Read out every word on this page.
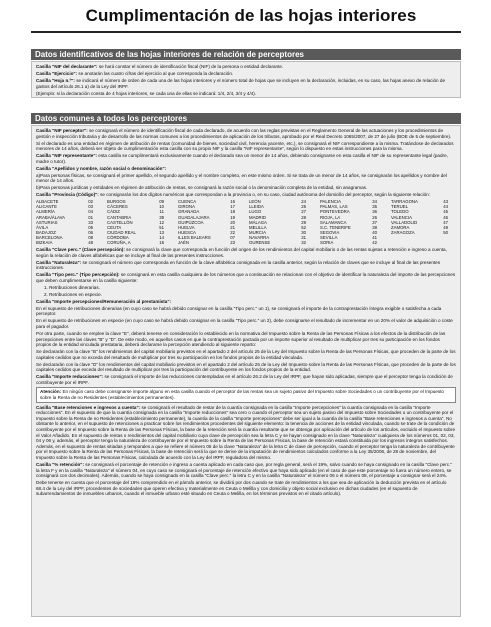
Cumplimentación de las hojas interiores
Datos identificativos de las hojas interiores de relación de perceptores

Casilla "NIF del declarante": se hará constar el número de identificación fiscal (NIF) de la persona o entidad declarante.

Casilla "Ejercicio": se anotarán las cuatro cifras del ejercicio al que corresponda la declaración.

Casilla "Hoja n.º": se indicará el número de orden de cada una de las hojas interiores y el número total de hojas que se incluyen en la declaración, incluidas, en su caso, las hojas anexo de relación de gastos del artículo 26.1 a) de la Ley del IRPF.

(Ejemplo: si la declaración consta de 4 hojas interiores, se cada una de ellas se indicará: 1/4, 2/4, 3/4 y 4/4).

Datos comunes a todos los perceptores

Casilla "NIF perceptor": se consignará el número de identificación fiscal de cada declarado, de acuerdo con las reglas previstas en el Reglamento General de las actuaciones y los procedimientos de gestión e inspección tributaria y de desarrollo de las normas comunes a los procedimientos de aplicación de los tributos, aprobado por el Real Decreto 1065/2007, de 27 de julio (BOE de 5 de septiembre).

Si el declarado es una entidad en régimen de atribución de rentas (comunidad de bienes, sociedad civil, herencia yacente, etc.), se consignará el NIF correspondiente a la misma. Tratándose de declarados menores de 14 años, deberá ser objeto de cumplimentación esta casilla con su propio NIF y la casilla "NIF representante", según lo dispuesto en estas instrucciones para la misma.

Casilla "NIF representante": esta casilla se cumplimentará exclusivamente cuando el declarado sea un menor de 14 años, debiendo consignarse en esta casilla el NIF de su representante legal (padre, madre o tutor).

Casilla "Apellidos y nombre, razón social o denominación":

a)Para personas físicas, se consignará el primer apellido, el segundo apellido y el nombre completo, en este mismo orden. Si se trata de un menor de 14 años, se consignarán los apellidos y nombre del menor de 14 años.

b)Para personas jurídicas y entidades en régimen de atribución de rentas, se consignará la razón social o la denominación completa de la entidad, sin anagramas.

Casilla "Provincia (Código)": se consignarán los dos dígitos numéricos que correspondan a la provincia o, en su caso, ciudad autónoma del domicilio del perceptor, según la siguiente relación:

ALBACETE	02	BURGOS	09	CUENCA	16	LEÓN	24	PALENCIA	34	TARRAGONA	43
ALICANTE	03	CÁCERES	10	GIRONA	17	LLEIDA	25	PALMAS, LAS	35	TERUEL	44
ALMERÍA	04	CÁDIZ	11	GRANADA	18	LUGO	27	PONTEVEDRA	36	TOLEDO	45
ARABA/ÁLAVA	01	CANTABRIA	39	GUADALAJARA	19	MADRID	28	RIOJA, LA	26	VALENCIA	46
ASTURIAS	33	CASTELLÓN	12	GUIPÚZCOA	20	MÁLAGA	29	SALAMANCA	37	VALLADOLID	47
ÁVILA	05	CEUTA	51	HUELVA	21	MELILLA	52	S.C. TENERIFE	38	ZAMORA	49
BADAJOZ	06	CIUDAD REAL	13	HUESCA	22	MURCIA	30	SEGOVIA	40	ZARAGOZA	50
BARCELONA	08	CÓRDOBA	14	ILLES BALEARS	07	NAVARRA	31	SEVILLA	41
BIZKAIA	48	CORUÑA, A	15	JAÉN	23	OURENSE	32	SORIA	42

Casilla "Clave perc." (Clave percepción): se consignará la clave que corresponda en función del origen de los rendimientos del capital mobiliario o de las rentas sujetas a retención e ingreso a cuenta, según la relación de claves alfabéticas que se incluye al final de las presentes instrucciones.

Casilla "Naturaleza": se consignará el número que corresponda en función de la clave alfabética consignada en la casilla anterior, según la relación de claves que se incluye al final de las presentes instrucciones.

Casilla "Tipo perc." (Tipo percepción): se consignará en esta casilla cualquiera de los números que a continuación se relacionan con el objetivo de identificar la naturaleza del importe de las percepciones que deben cumplimentarse en la casilla siguiente:

1. Retribuciones dinerarias.

2. Retribuciones en especie.

Casilla "Importe percepciones/Remuneración al prestamista":

En el supuesto de retribuciones dinerarias (en cuyo caso se habrá debido consignar en la casilla "Tipo perc." un 1), se consignará el importe de la contraprestación íntegra exigible o satisfecha a cada perceptor.

En el supuesto de retribuciones en especie (en cuyo caso se habrá debido consignar en la casilla "Tipo perc." un 2), debe consignarse el resultado de incrementar en un 20% el valor de adquisición o coste para el pagador.

Por otra parte, cuando se emplee la clave "E", deberá tenerse en consideración lo establecido en la normativa del Impuesto sobre la Renta de las Personas Físicas a los efectos de la distribución de las percepciones entre las claves "B" y "D". De este modo, en aquellos casos en que la contraprestación pactada por un importe superior al resultado de multiplicar por tres su participación en los fondos propios de la entidad vinculada prestataria, deberá declararse la percepción atendiendo al siguiente reparto:

Se declararán con la clave "B" los rendimientos del capital mobiliario previstos en el apartado 2 del artículo 25 de la Ley del Impuesto sobre la Renta de las Personas Físicas, que proceden de la parte de los capitales cedidos que no exceda del resultado de multiplicar por tres su participación en los fondos propios de la entidad vinculada.

Se declararán con la clave "D" los rendimientos del capital mobiliario previstos en el apartado 2 del artículo 25 de la Ley del Impuesto sobre la Renta de las Personas Físicas, que proceden de la parte de los capitales cedidos que exceda del resultado de multiplicar por tres la participación del contribuyente en los fondos propios de la entidad.

Casilla "Importe reducciones": se consignará el importe de las reducciones contempladas en el artículo 26.2 de la Ley del IRPF, que hayan sido aplicadas, siempre que el perceptor tenga la condición de contribuyente por el IRPF.

Atención: En ningún caso debe consignarse importe alguno en esta casilla cuando el perceptor de las rentas sea un sujeto pasivo del Impuesto sobre Sociedades o un contribuyente por el Impuesto sobre la Renta de no Residentes (establecimientos permanentes).

Casilla "Base retenciones e ingresos a cuenta": se consignará el resultado de restar de la cuantía consignada en la casilla "Importe percepciones" la cuantía consignada en la casilla "Importe reducciones". En el supuesto de que la cuantía consignada en la casilla "Importe reducciones" sea cero o cuando el perceptor sea un sujeto pasivo del Impuesto sobre Sociedades o un contribuyente por el Impuesto sobre la Renta de no Residentes (establecimiento permanente), la cuantía de la casilla "Importe percepciones" debe ser igual a la cuantía de la casilla "Base retenciones e ingresos a cuenta". No obstante lo anterior, en el supuesto de retenciones a practicar sobre los rendimientos procedentes del siguiente elemento: la tenencia de acciones de la entidad vinculada, cuando se trate de la condición de contribuyente por el Impuesto sobre la Renta de las Personas Físicas, la base de la retención será la cuantía resultante que se obtenga por aplicación del artículo de los artículos, excluido el Impuesto sobre el Valor Añadido. En el supuesto de rentas o rendimientos del capital mobiliario cuya clave de percepción sea la letra C y se hayan consignado en la clave "Naturaleza" cualquiera de los números 01, 02, 03, 04 y 06 y, además, el perceptor tenga la naturaleza de contribuyente por el Impuesto sobre la Renta de las Personas Físicas, la base de retención estará constituida por los ingresos íntegros satisfechos. Además, en el supuesto de rentas sitiadas y temporales a que se refiere el número 05 de la clave "Naturaleza" de la letra C de clave de percepción, cuando el perceptor tenga la naturaleza de contribuyente por el Impuesto sobre la Renta de las Personas Físicas, la base de retención será la que se derive de la imputación de rendimientos calculados conforme a la Ley 35/2006, de 28 de noviembre, del Impuesto sobre la Renta de las Personas Físicas, calculada de acuerdo con la Ley del IRPF, reguladora del mismo.

Casilla "% retención": se consignará el porcentaje de retención e ingreso a cuenta aplicado en cada caso que, por regla general, será el 19%, salvo cuando se haya consignado en la casilla "Clave perc." la letra F y en la casilla "Naturaleza" el número 04, en cuyo caso se consignará el porcentaje de retención efectivo que haya sido aplicado (en el caso de que este porcentaje no fuera un número entero, se consignará con dos decimales). Además, cuando se haya consignado en la casilla "Clave perc." la letra C y en la casilla "Naturaleza" el número 06 o el número 08, el porcentaje a consignar será el 24%.

Debe tenerse en cuenta que el porcentaje del 19% comprendido en el párrafo anterior, se dividirá por dos cuando se trate de rendimientos a los que sea de aplicación la deducción prevista en el artículo 68.4 de la Ley del IRPF, procedentes de sociedades que operen efectiva y materialmente en Ceuta o Melilla y con domicilio y objeto social exclusivo en dichas ciudades (en el supuesto de subarrendamientos de inmuebles urbanos, cuando el inmueble urbano esté situado en Ceuta o Melilla, en los términos previstos en el citado artículo).
